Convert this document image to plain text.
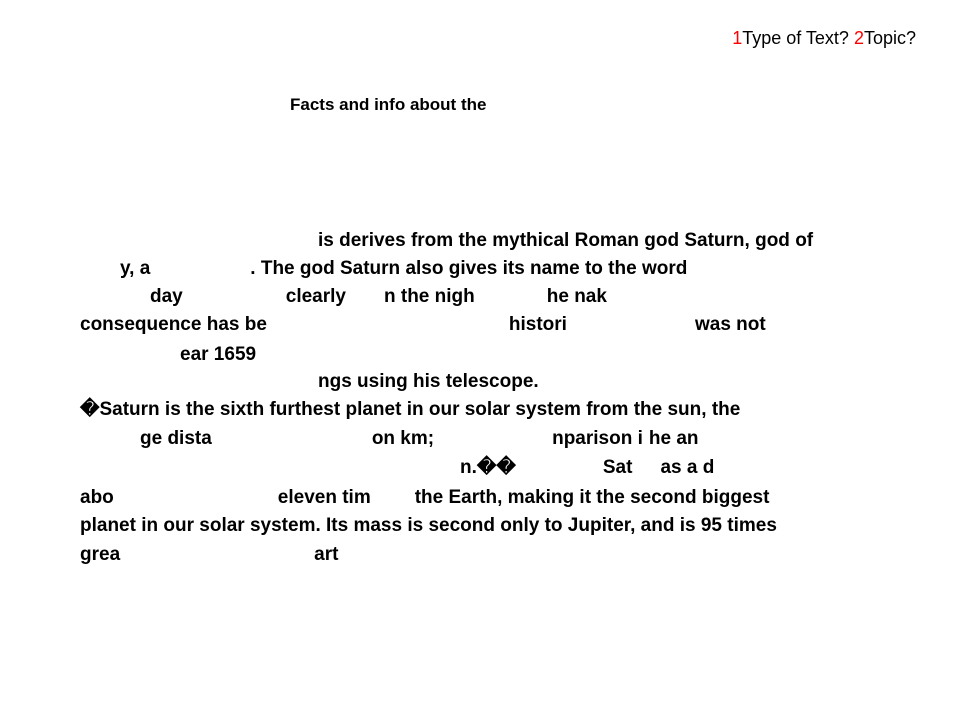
1Type of Text? 2Topic?
Facts and info about the
is derives from the mythical Roman god Saturn, god of
y, a	. The god Saturn also gives its name to the word
day	clearly n the nigh	he nak
consequence has be	histori	was not
ear 1659
ngs using his telescope.
�Saturn is the sixth furthest planet in our solar system from the sun, the
ge dista	on km;	nparison i he an
n.��	Sat as a d
abo	eleven tim the Earth, making it the second biggest
planet in our solar system. Its mass is second only to Jupiter, and is 95 times
grea	art
